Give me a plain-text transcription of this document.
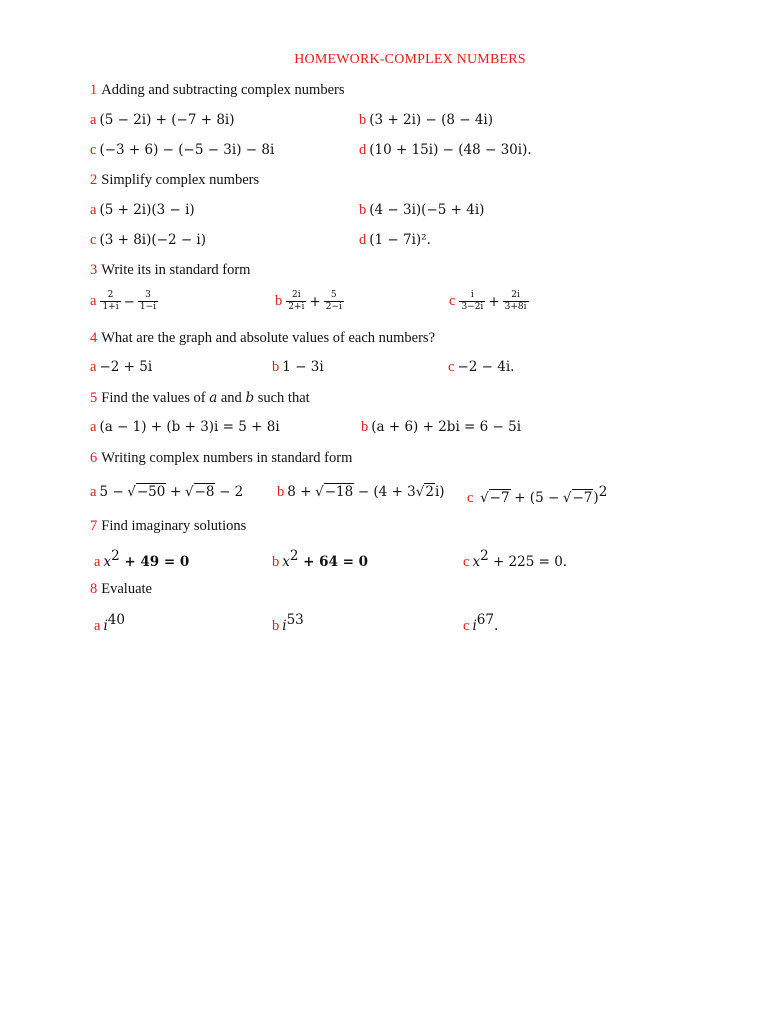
HOMEWORK-COMPLEX NUMBERS
1 Adding and subtracting complex numbers
a (5 − 2i) + (−7 + 8i)	b (3 + 2i) − (8 − 4i)
c (−3 + 6) − (−5 − 3i) − 8i	d (10 + 15i) − (48 − 30i).
2 Simplify complex numbers
a (5 + 2i)(3 − i)	b (4 − 3i)(−5 + 4i)
c (3 + 8i)(−2 − i)	d (1 − 7i)².
3 Write its in standard form
a $\frac{2}{1+i} - \frac{3}{1-i}$	b $\frac{2i}{2+i} + \frac{5}{2-i}$	c $\frac{i}{3-2i} + \frac{2i}{3+8i}$
4 What are the graph and absolute values of each numbers?
a −2 + 5i	b 1 − 3i	c −2 − 4i.
5 Find the values of a and b such that
a (a − 1) + (b + 3)i = 5 + 8i	b (a + 6) + 2bi = 6 − 5i
6 Writing complex numbers in standard form
a 5 − √−50 + √−8 − 2 b 8 + √−18 − (4 + 3√2i) c $√-7 + (5 - √-7)^2$
7 Find imaginary solutions
a $x^2 + 49 = 0$	b $x^2 + 64 = 0$	c $x^2 + 225 = 0$.
8 Evaluate
a $i^{40}$	b $i^{53}$	c $i^{67}$.
